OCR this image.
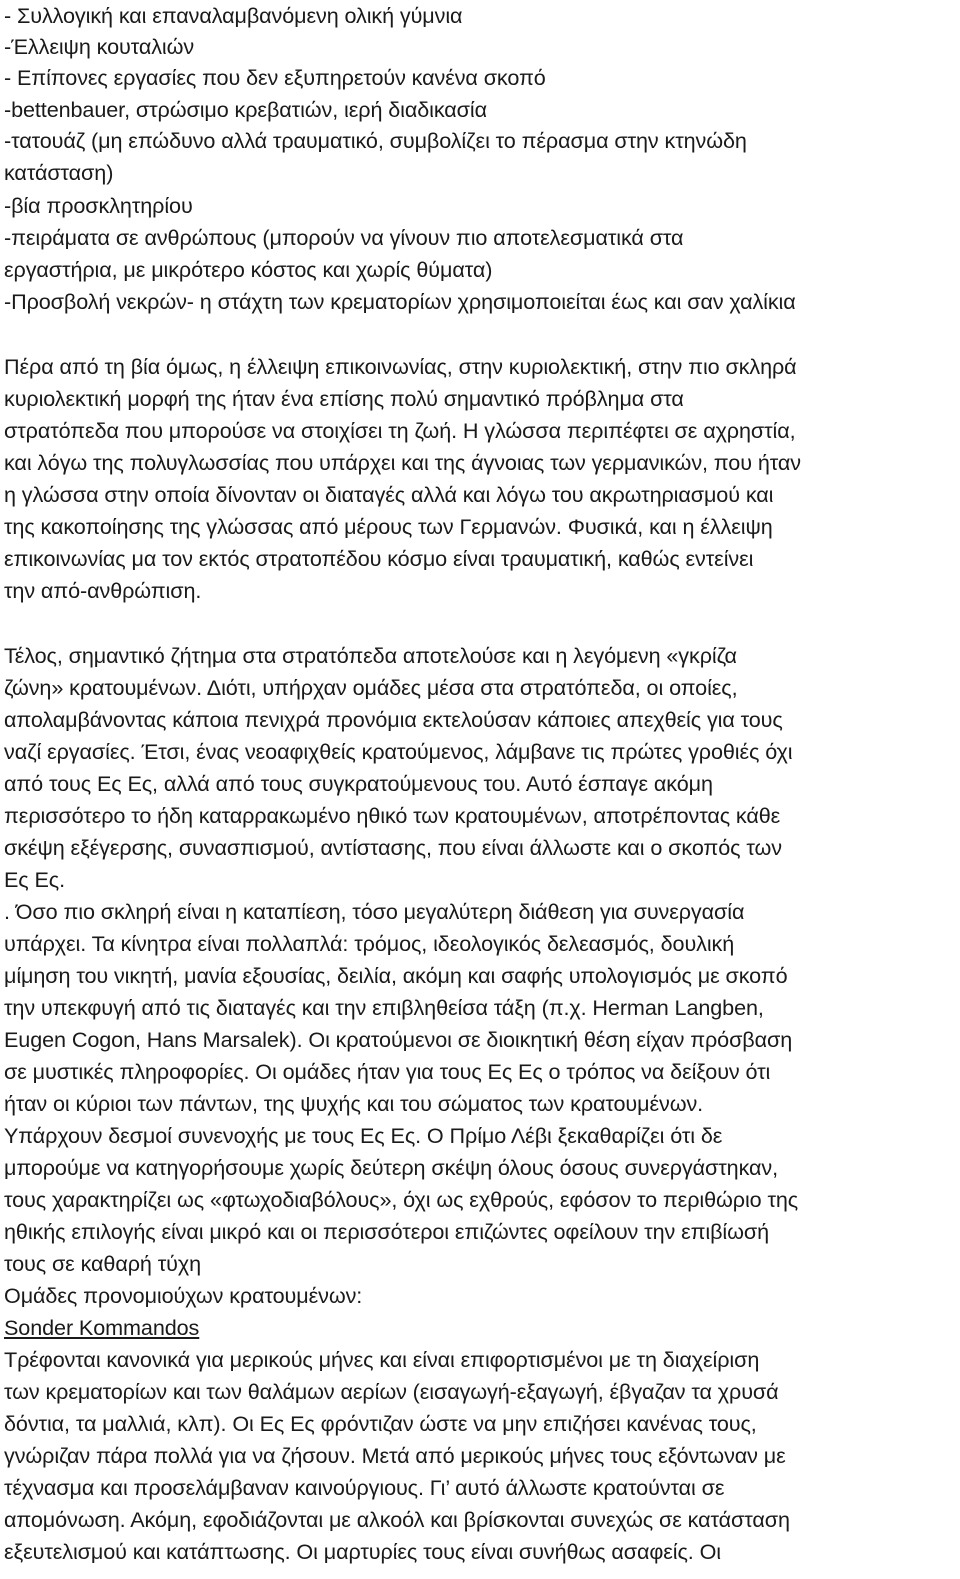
- Συλλογική και επαναλαμβανόμενη ολική γύμνια
-Έλλειψη κουταλιών
- Επίπονες εργασίες που δεν εξυπηρετούν κανένα σκοπό
-bettenbauer, στρώσιμο κρεβατιών, ιερή διαδικασία
-τατουάζ (μη επώδυνο αλλά τραυματικό, συμβολίζει το πέρασμα στην κτηνώδη
κατάσταση)
-βία προσκλητηρίου
-πειράματα σε ανθρώπους (μπορούν να γίνουν πιο αποτελεσματικά στα
εργαστήρια, με μικρότερο κόστος και χωρίς θύματα)
-Προσβολή νεκρών- η στάχτη των κρεματορίων χρησιμοποιείται έως και σαν χαλίκια
Πέρα από τη βία όμως, η έλλειψη επικοινωνίας, στην κυριολεκτική, στην πιο σκληρά
κυριολεκτική μορφή της ήταν ένα επίσης πολύ σημαντικό πρόβλημα στα
στρατόπεδα που μπορούσε να στοιχίσει τη ζωή. Η γλώσσα περιπέφτει σε αχρηστία,
και λόγω της πολυγλωσσίας που υπάρχει και της άγνοιας των γερμανικών, που ήταν
η γλώσσα στην οποία δίνονταν οι διαταγές αλλά και λόγω του ακρωτηριασμού και
της κακοποίησης της γλώσσας από μέρους των Γερμανών. Φυσικά, και η έλλειψη
επικοινωνίας μα τον εκτός στρατοπέδου κόσμο είναι τραυματική, καθώς εντείνει
την από-ανθρώπιση.
Τέλος, σημαντικό ζήτημα στα στρατόπεδα αποτελούσε και η λεγόμενη «γκρίζα
ζώνη» κρατουμένων. Διότι, υπήρχαν ομάδες μέσα στα στρατόπεδα, οι οποίες,
απολαμβάνοντας κάποια πενιχρά προνόμια εκτελούσαν κάποιες απεχθείς για τους
ναζί εργασίες. Έτσι, ένας νεοαφιχθείς κρατούμενος, λάμβανε τις πρώτες γροθιές όχι
από τους Ες Ες, αλλά από τους συγκρατούμενους του. Αυτό έσπαγε ακόμη
περισσότερο το ήδη καταρρακωμένο ηθικό των κρατουμένων, αποτρέποντας κάθε
σκέψη εξέγερσης, συνασπισμού, αντίστασης, που είναι άλλωστε και ο σκοπός των
Ες Ες.
. Όσο πιο σκληρή είναι η καταπίεση, τόσο μεγαλύτερη διάθεση για συνεργασία
υπάρχει. Τα κίνητρα είναι πολλαπλά: τρόμος, ιδεολογικός δελεασμός, δουλική
μίμηση του νικητή, μανία εξουσίας, δειλία, ακόμη και σαφής υπολογισμός με σκοπό
την υπεκφυγή από τις διαταγές και την επιβληθείσα τάξη (π.χ. Herman Langben,
Eugen Cogon, Hans Marsalek). Οι κρατούμενοι σε διοικητική θέση είχαν πρόσβαση
σε μυστικές πληροφορίες. Οι ομάδες ήταν για τους Ες Ες ο τρόπος να δείξουν ότι
ήταν οι κύριοι των πάντων, της ψυχής και του σώματος των κρατουμένων.
Υπάρχουν δεσμοί συνενοχής με τους Ες Ες. Ο Πρίμο Λέβι ξεκαθαρίζει ότι δε
μπορούμε να κατηγορήσουμε χωρίς δεύτερη σκέψη όλους όσους συνεργάστηκαν,
τους χαρακτηρίζει ως «φτωχοδιαβόλους», όχι ως εχθρούς, εφόσον το περιθώριο της
ηθικής επιλογής είναι μικρό και οι περισσότεροι επιζώντες οφείλουν την επιβίωσή
τους σε καθαρή τύχη
Ομάδες προνομιούχων κρατουμένων:
Sonder Kommandos
Τρέφονται κανονικά για μερικούς μήνες και είναι επιφορτισμένοι με τη διαχείριση
των κρεματορίων και των θαλάμων αερίων (εισαγωγή-εξαγωγή, έβγαζαν τα χρυσά
δόντια, τα μαλλιά, κλπ). Οι Ες Ες φρόντιζαν ώστε να μην επιζήσει κανένας τους,
γνώριζαν πάρα πολλά για να ζήσουν. Μετά από μερικούς μήνες τους εξόντωναν με
τέχνασμα και προσελάμβαναν καινούργιους. Γι’ αυτό άλλωστε κρατούνται σε
απομόνωση. Ακόμη, εφοδιάζονται με αλκοόλ και βρίσκονται συνεχώς σε κατάσταση
εξευτελισμού και κατάπτωσης. Οι μαρτυρίες τους είναι συνήθως ασαφείς. Οι
